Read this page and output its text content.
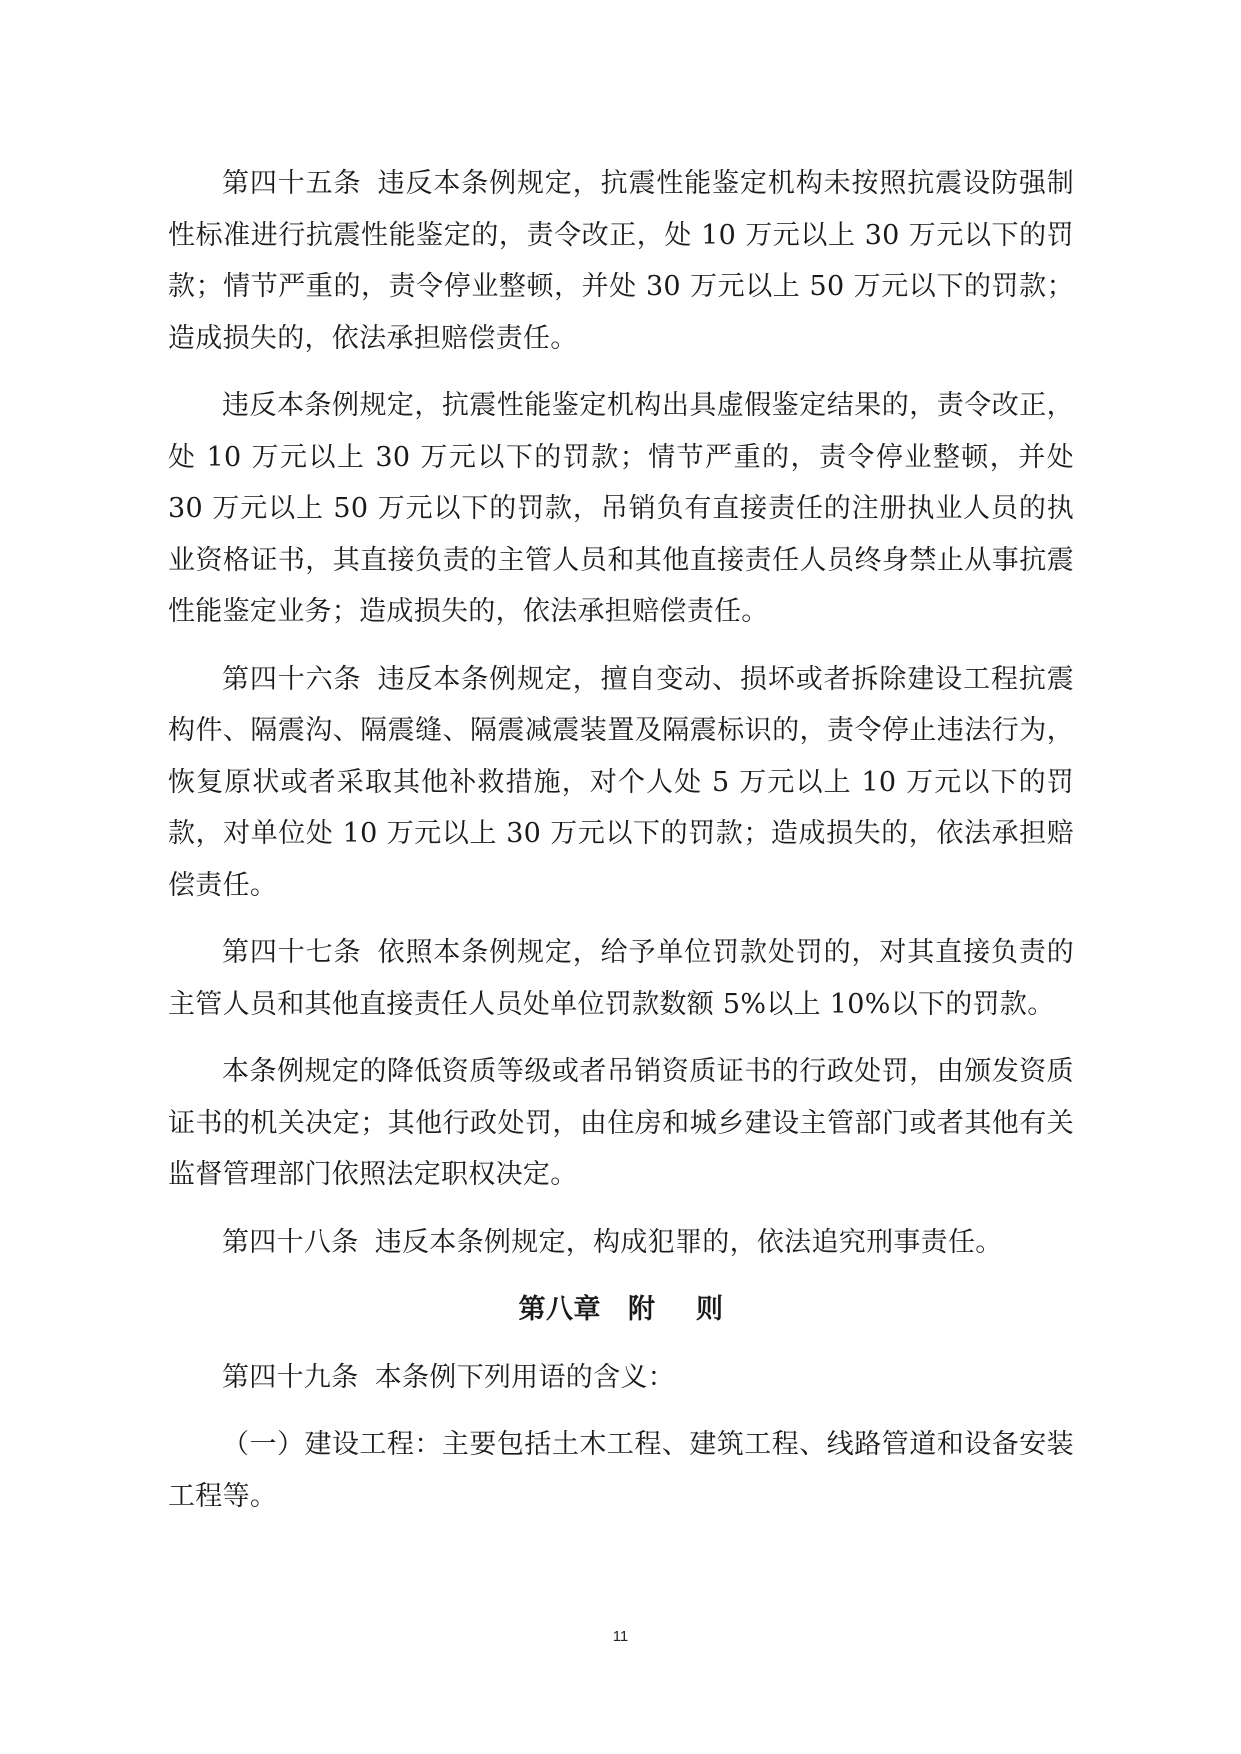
第四十五条 违反本条例规定，抗震性能鉴定机构未按照抗震设防强制性标准进行抗震性能鉴定的，责令改正，处 10 万元以上 30 万元以下的罚款；情节严重的，责令停业整顿，并处 30 万元以上 50 万元以下的罚款；造成损失的，依法承担赔偿责任。

违反本条例规定，抗震性能鉴定机构出具虚假鉴定结果的，责令改正，处 10 万元以上 30 万元以下的罚款；情节严重的，责令停业整顿，并处 30 万元以上 50 万元以下的罚款，吊销负有直接责任的注册执业人员的执业资格证书，其直接负责的主管人员和其他直接责任人员终身禁止从事抗震性能鉴定业务；造成损失的，依法承担赔偿责任。

第四十六条 违反本条例规定，擅自变动、损坏或者拆除建设工程抗震构件、隔震沟、隔震缝、隔震减震装置及隔震标识的，责令停止违法行为，恢复原状或者采取其他补救措施，对个人处 5 万元以上 10 万元以下的罚款，对单位处 10 万元以上 30 万元以下的罚款；造成损失的，依法承担赔偿责任。

第四十七条 依照本条例规定，给予单位罚款处罚的，对其直接负责的主管人员和其他直接责任人员处单位罚款数额 5%以上 10%以下的罚款。

本条例规定的降低资质等级或者吊销资质证书的行政处罚，由颁发资质证书的机关决定；其他行政处罚，由住房和城乡建设主管部门或者其他有关监督管理部门依照法定职权决定。

第四十八条 违反本条例规定，构成犯罪的，依法追究刑事责任。

第八章 附 则

第四十九条 本条例下列用语的含义：

（一）建设工程：主要包括土木工程、建筑工程、线路管道和设备安装工程等。

11
